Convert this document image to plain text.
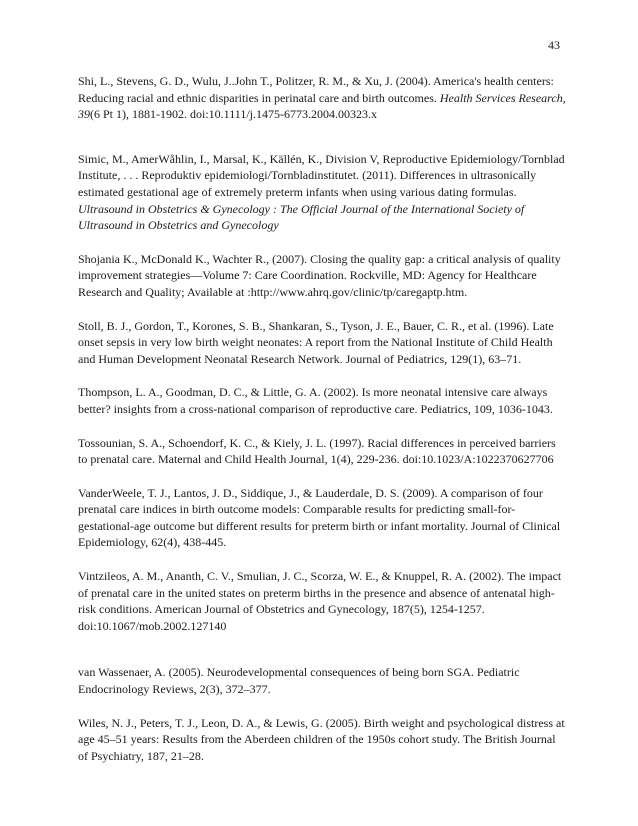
43

Shi, L., Stevens, G. D., Wulu, J..John T., Politzer, R. M., & Xu, J. (2004). America's health centers: Reducing racial and ethnic disparities in perinatal care and birth outcomes. Health Services Research, 39(6 Pt 1), 1881-1902. doi:10.1111/j.1475-6773.2004.00323.x

Simic, M., AmerWåhlin, I., Marsal, K., Källén, K., Division V, Reproductive Epidemiology/Tornblad Institute, . . . Reproduktiv epidemiologi/Tornbladinstitutet. (2011). Differences in ultrasonically estimated gestational age of extremely preterm infants when using various dating formulas. Ultrasound in Obstetrics & Gynecology : The Official Journal of the International Society of Ultrasound in Obstetrics and Gynecology

Shojania K., McDonald K., Wachter R., (2007). Closing the quality gap: a critical analysis of quality improvement strategies—Volume 7: Care Coordination. Rockville, MD: Agency for Healthcare Research and Quality; Available at :http://www.ahrq.gov/clinic/tp/caregaptp.htm.

Stoll, B. J., Gordon, T., Korones, S. B., Shankaran, S., Tyson, J. E., Bauer, C. R., et al. (1996). Late onset sepsis in very low birth weight neonates: A report from the National Institute of Child Health and Human Development Neonatal Research Network. Journal of Pediatrics, 129(1), 63–71.

Thompson, L. A., Goodman, D. C., & Little, G. A. (2002). Is more neonatal intensive care always better? insights from a cross-national comparison of reproductive care. Pediatrics, 109, 1036-1043.

Tossounian, S. A., Schoendorf, K. C., & Kiely, J. L. (1997). Racial differences in perceived barriers to prenatal care. Maternal and Child Health Journal, 1(4), 229-236. doi:10.1023/A:1022370627706

VanderWeele, T. J., Lantos, J. D., Siddique, J., & Lauderdale, D. S. (2009). A comparison of four prenatal care indices in birth outcome models: Comparable results for predicting small-for-gestational-age outcome but different results for preterm birth or infant mortality. Journal of Clinical Epidemiology, 62(4), 438-445.

Vintzileos, A. M., Ananth, C. V., Smulian, J. C., Scorza, W. E., & Knuppel, R. A. (2002). The impact of prenatal care in the united states on preterm births in the presence and absence of antenatal high-risk conditions. American Journal of Obstetrics and Gynecology, 187(5), 1254-1257. doi:10.1067/mob.2002.127140

van Wassenaer, A. (2005). Neurodevelopmental consequences of being born SGA. Pediatric Endocrinology Reviews, 2(3), 372–377.

Wiles, N. J., Peters, T. J., Leon, D. A., & Lewis, G. (2005). Birth weight and psychological distress at age 45–51 years: Results from the Aberdeen children of the 1950s cohort study. The British Journal of Psychiatry, 187, 21–28.
